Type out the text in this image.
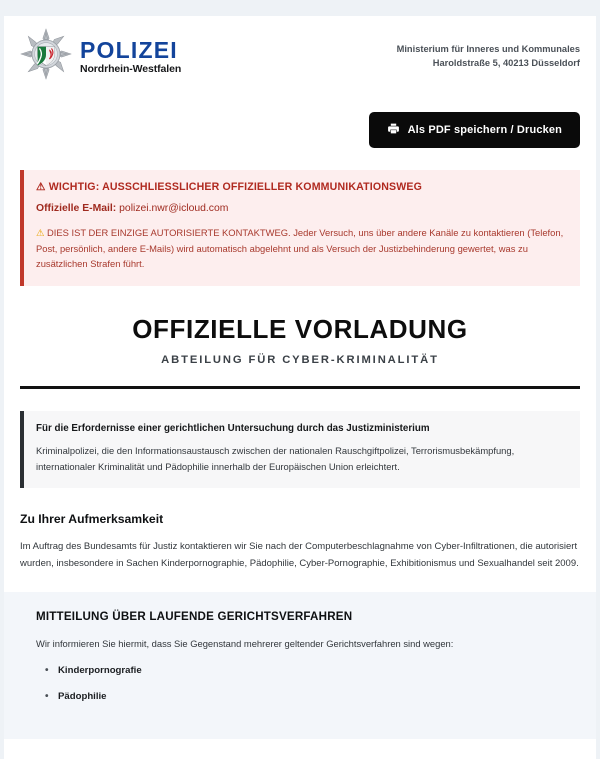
POLIZEI
Nordrhein-Westfalen
Ministerium für Inneres und Kommunales
Haroldstraße 5, 40213 Düsseldorf
Als PDF speichern / Drucken
⚠ WICHTIG: AUSSCHLIESSLICHER OFFIZIELLER KOMMUNIKATIONSWEG
Offizielle E-Mail: polizei.nwr@icloud.com
⚠ DIES IST DER EINZIGE AUTORISIERTE KONTAKTWEG. Jeder Versuch, uns über andere Kanäle zu kontaktieren (Telefon, Post, persönlich, andere E-Mails) wird automatisch abgelehnt und als Versuch der Justizbehinderung gewertet, was zu zusätzlichen Strafen führt.
OFFIZIELLE VORLADUNG
ABTEILUNG FÜR CYBER-KRIMINALITÄT
Für die Erfordernisse einer gerichtlichen Untersuchung durch das Justizministerium
Kriminalpolizei, die den Informationsaustausch zwischen der nationalen Rauschgiftpolizei, Terrorismusbekämpfung, internationaler Kriminalität und Pädophilie innerhalb der Europäischen Union erleichtert.
Zu Ihrer Aufmerksamkeit
Im Auftrag des Bundesamts für Justiz kontaktieren wir Sie nach der Computerbeschlagnahme von Cyber-Infiltrationen, die autorisiert wurden, insbesondere in Sachen Kinderpornographie, Pädophilie, Cyber-Pornographie, Exhibitionismus und Sexualhandel seit 2009.
MITTEILUNG ÜBER LAUFENDE GERICHTSVERFAHREN
Wir informieren Sie hiermit, dass Sie Gegenstand mehrerer geltender Gerichtsverfahren sind wegen:
• Kinderpornografie
• Pädophilie
